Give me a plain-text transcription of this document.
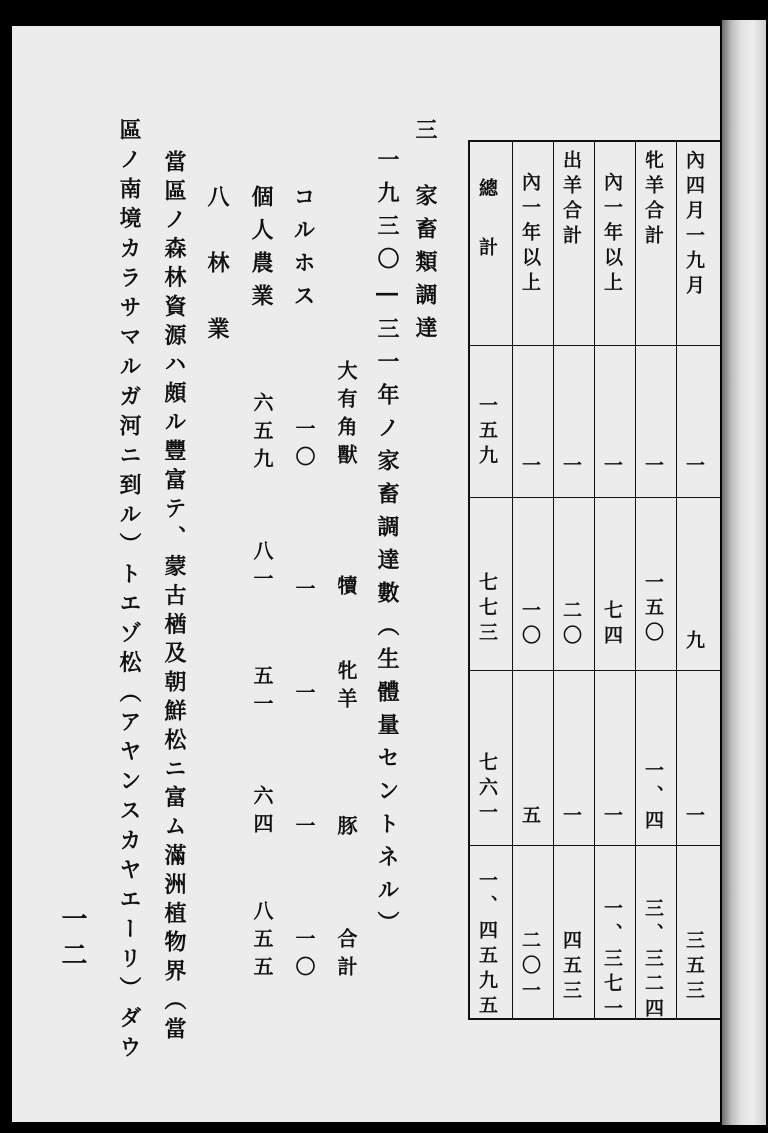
內四月一九月
牝羊合計
內一年以上
出羊合計
內一年以上
總計
一
一
一
一
一
一五九
九
一五〇
七四
二〇
一〇
七七三
一
一、四
一
一
五
七六一
三五三
三、三二四
一、三七一
四五三
二〇一
一、四五九五
三　家畜類調達
一九三〇―三一年ノ家畜調達數（生體量セントネル）
大有角獸
犢
牝羊
豚
合計
コルホス
一〇
一
一
一
一〇
個人農業
六五九
八一
五一
六四
八五五
八　林　業
當區ノ森林資源ハ頗ル豐富テ、蒙古楢及朝鮮松ニ富ム滿洲植物界（當
區ノ南境カラサマルガ河ニ到ル）トエゾ松（アヤンスカヤエーリ）ダウ
一二
